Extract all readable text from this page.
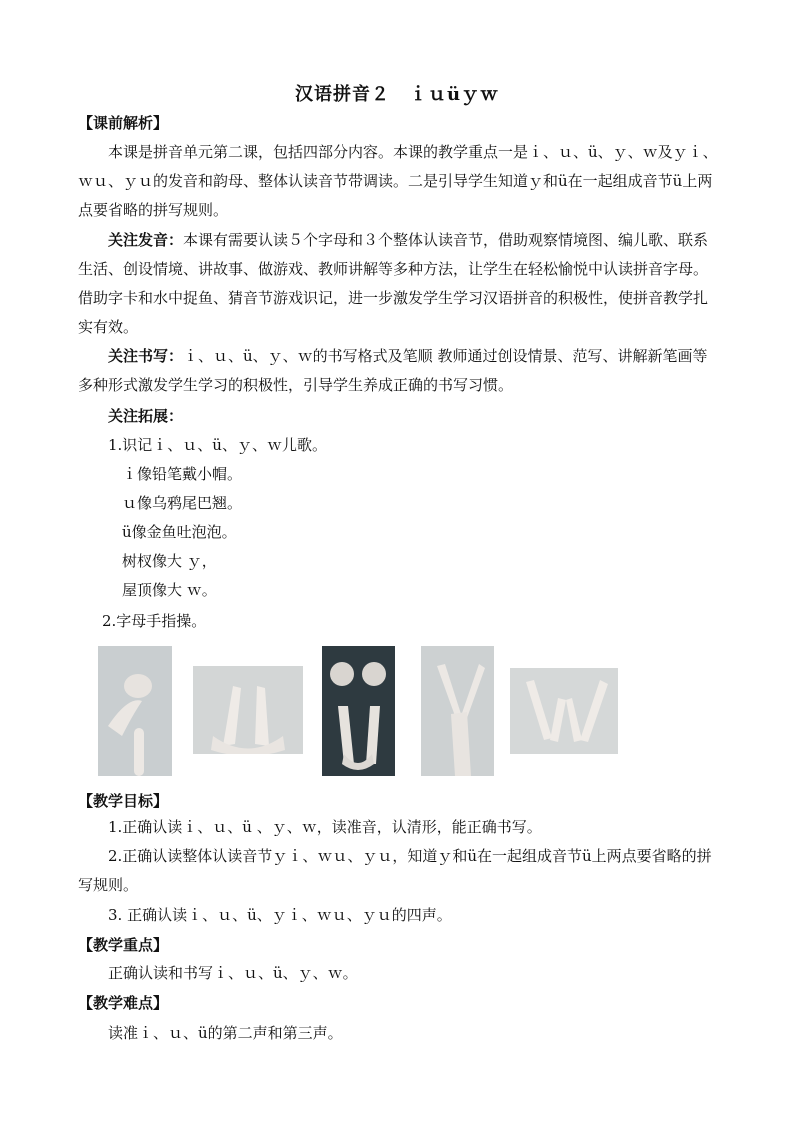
汉语拼音２　ｉｕüｙｗ
【课前解析】
本课是拼音单元第二课，包括四部分内容。本课的教学重点一是ｉ、ｕ、ü、ｙ、ｗ及ｙｉ、ｗｕ、ｙｕ的发音和韵母、整体认读音节带调读。二是引导学生知道ｙ和ü在一起组成音节ü上两点要省略的拼写规则。
关注发音：本课有需要认读５个字母和３个整体认读音节，借助观察情境图、编儿歌、联系生活、创设情境、讲故事、做游戏、教师讲解等多种方法，让学生在轻松愉悦中认读拼音字母。借助字卡和水中捉鱼、猜音节游戏识记，进一步激发学生学习汉语拼音的积极性，使拼音教学扎实有效。
关注书写：ｉ、ｕ、ü、ｙ、ｗ的书写格式及笔顺 教师通过创设情景、范写、讲解新笔画等多种形式激发学生学习的积极性，引导学生养成正确的书写习惯。
关注拓展：
1.识记ｉ、ｕ、ü、ｙ、ｗ儿歌。
ｉ像铅笔戴小帽。
ｕ像乌鸦尾巴翘。
ü像金鱼吐泡泡。
树杈像大 ｙ，
屋顶像大 ｗ。
2.字母手指操。
【教学目标】
1.正确认读ｉ、ｕ、ü 、ｙ、ｗ，读准音，认清形，能正确书写。
2.正确认读整体认读音节ｙｉ、ｗｕ、ｙｕ，知道ｙ和ü在一起组成音节ü上两点要省略的拼写规则。
3. 正确认读ｉ、ｕ、ü、ｙｉ、ｗｕ、ｙｕ的四声。
【教学重点】
正确认读和书写ｉ、ｕ、ü、ｙ、ｗ。
【教学难点】
读准ｉ、ｕ、ü的第二声和第三声。
